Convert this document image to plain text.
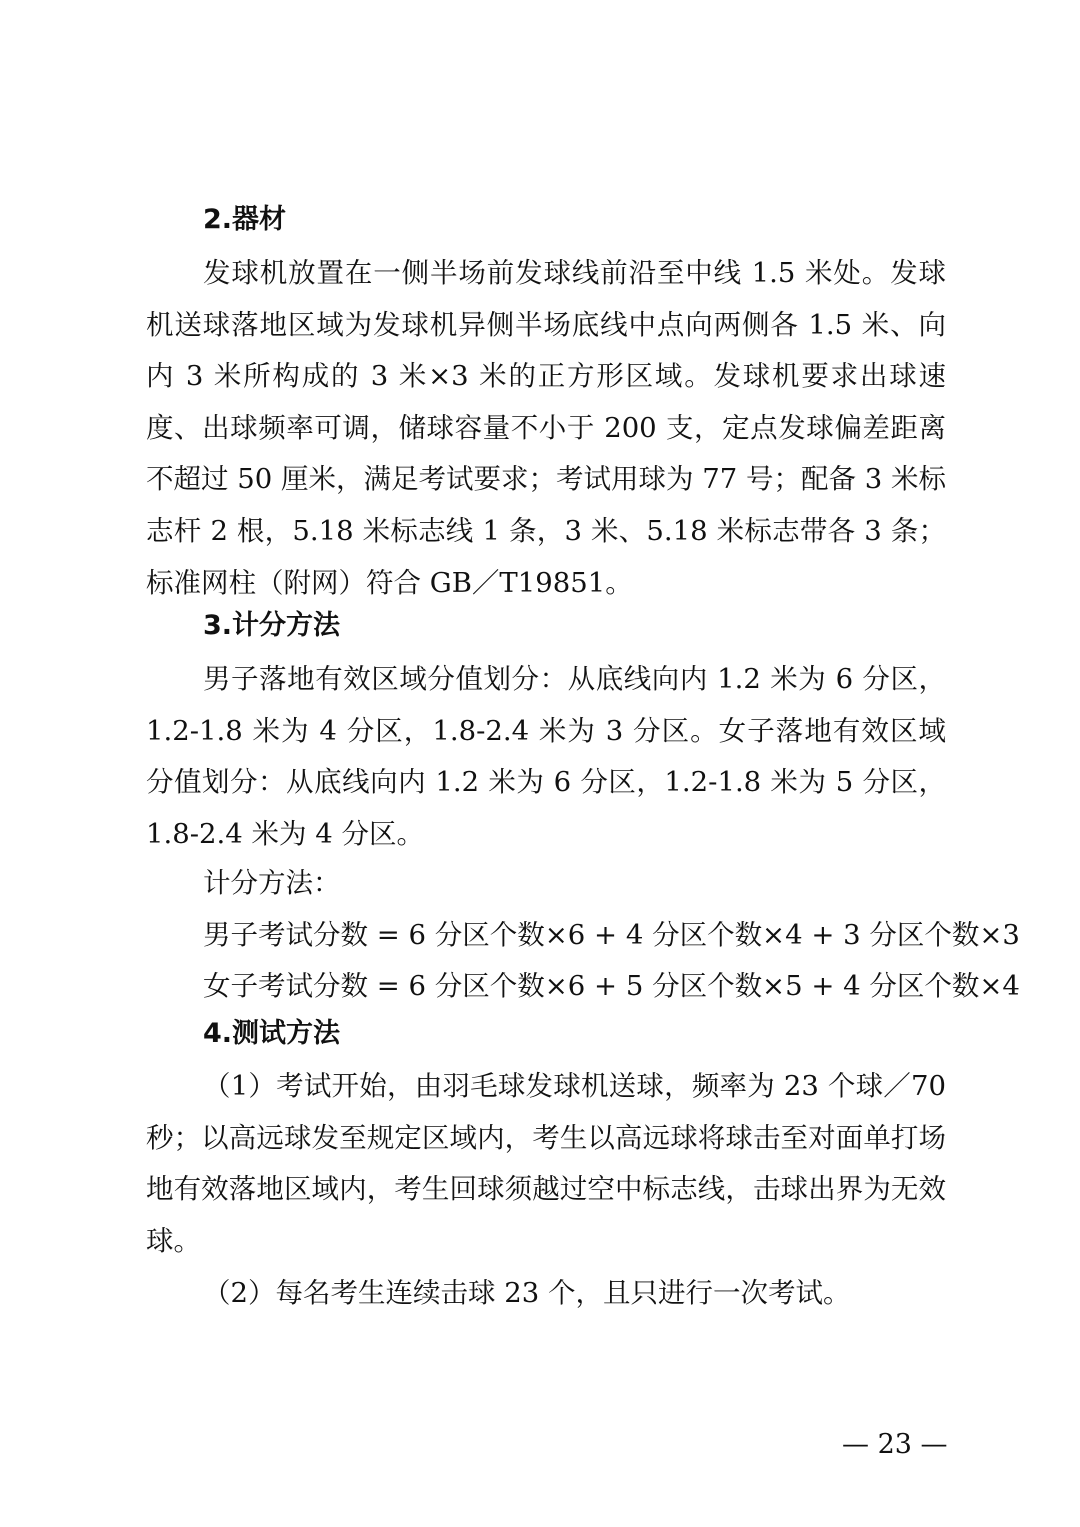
2.器材

发球机放置在一侧半场前发球线前沿至中线 1.5 米处。发球机送球落地区域为发球机异侧半场底线中点向两侧各 1.5 米、向内 3 米所构成的 3 米×3 米的正方形区域。发球机要求出球速度、出球频率可调，储球容量不小于 200 支，定点发球偏差距离不超过 50 厘米，满足考试要求；考试用球为 77 号；配备 3 米标志杆 2 根，5.18 米标志线 1 条，3 米、5.18 米标志带各 3 条；标准网柱（附网）符合 GB／T19851。

3.计分方法

男子落地有效区域分值划分：从底线向内 1.2 米为 6 分区，1.2-1.8 米为 4 分区，1.8-2.4 米为 3 分区。女子落地有效区域分值划分：从底线向内 1.2 米为 6 分区，1.2-1.8 米为 5 分区，1.8-2.4 米为 4 分区。

计分方法：

男子考试分数 = 6 分区个数×6 + 4 分区个数×4 + 3 分区个数×3

女子考试分数 = 6 分区个数×6 + 5 分区个数×5 + 4 分区个数×4

4.测试方法

（1）考试开始，由羽毛球发球机送球，频率为 23 个球／70 秒；以高远球发至规定区域内，考生以高远球将球击至对面单打场地有效落地区域内，考生回球须越过空中标志线，击球出界为无效球。

（2）每名考生连续击球 23 个，且只进行一次考试。

— 23 —
